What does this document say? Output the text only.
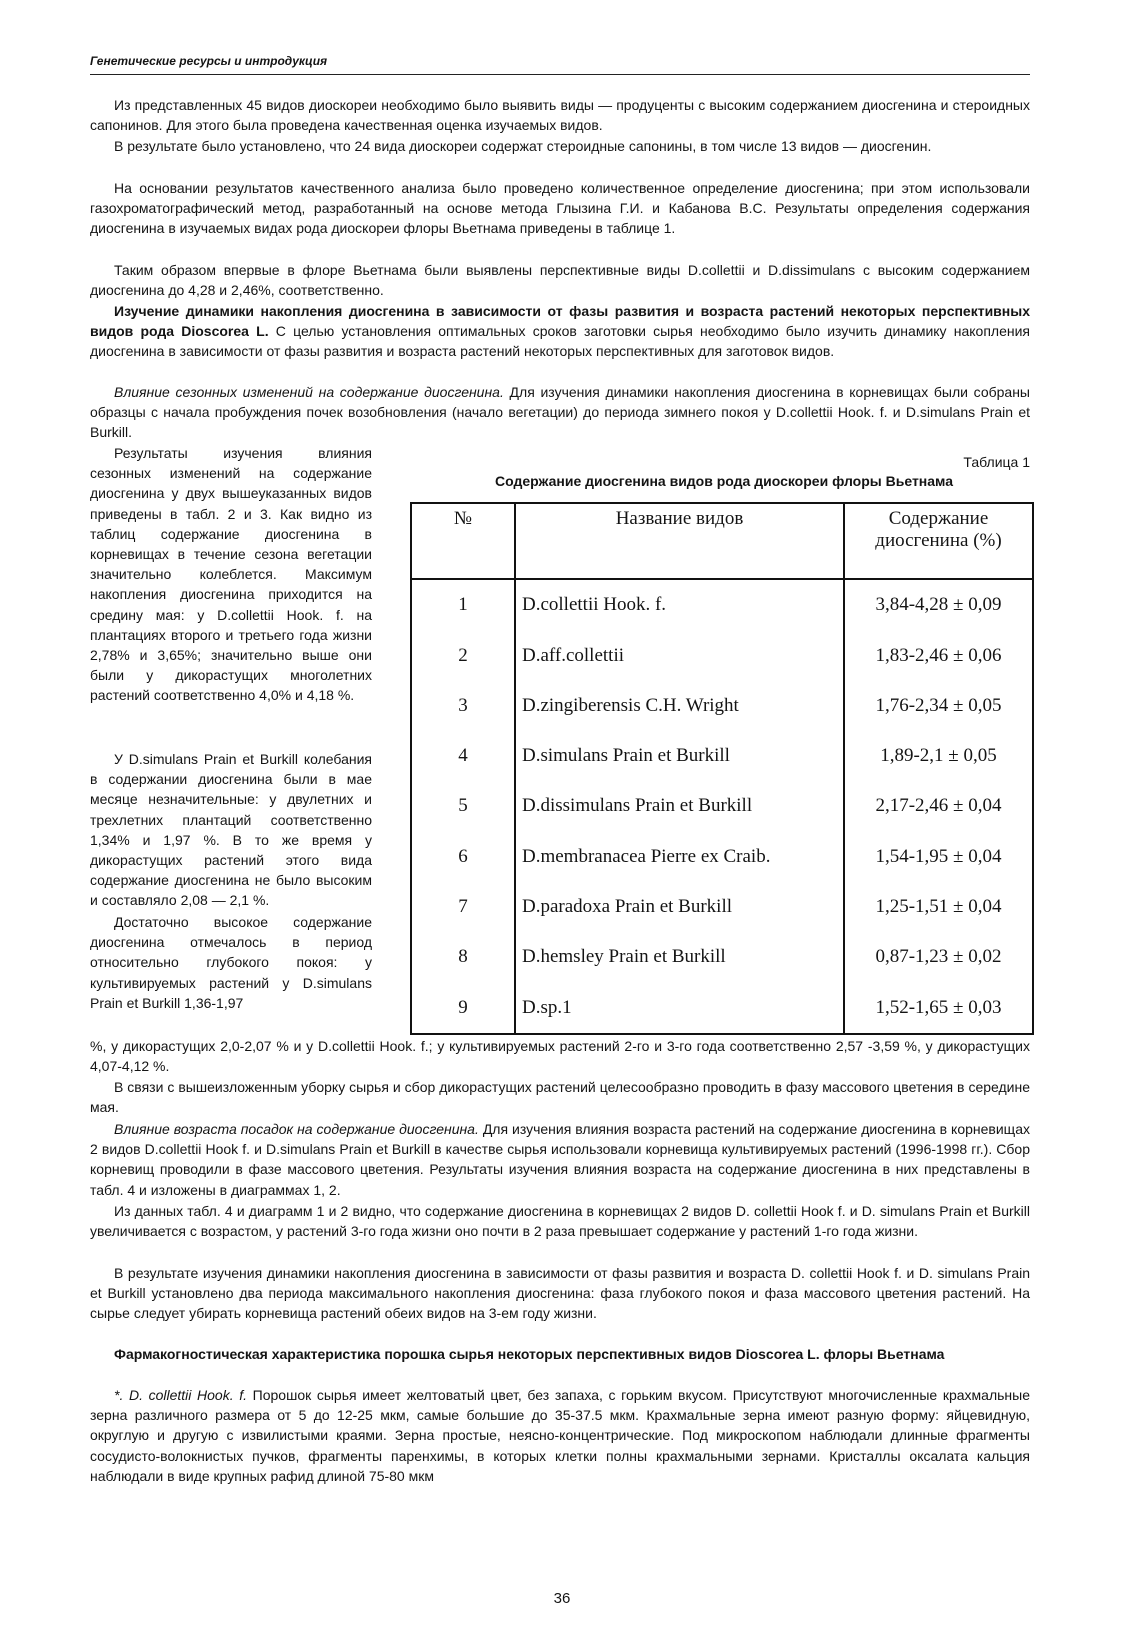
Генетические ресурсы и интродукция

Из представленных 45 видов диоскореи необходимо было выявить виды — продуценты с высоким содержанием диосгенина и стероидных сапонинов. Для этого была проведена качественная оценка изучаемых видов.

В результате было установлено, что 24 вида диоскореи содержат стероидные сапонины, в том числе 13 видов — диосгенин.

На основании результатов качественного анализа было проведено количественное определение диосгенина; при этом использовали газохроматографический метод, разработанный на основе метода Глызина Г.И. и Кабанова В.С. Результаты определения содержания диосгенина в изучаемых видах рода диоскореи флоры Вьетнама приведены в таблице 1.

Таким образом впервые в флоре Вьетнама были выявлены перспективные виды D.collettii и D.dissimulans с высоким содержанием диосгенина до 4,28 и 2,46%, соответственно.

Изучение динамики накопления диосгенина в зависимости от фазы развития и возраста растений некоторых перспективных видов рода Dioscorea L. С целью установления оптимальных сроков заготовки сырья необходимо было изучить динамику накопления диосгенина в зависимости от фазы развития и возраста растений некоторых перспективных для заготовок видов.

Влияние сезонных изменений на содержание диосгенина. Для изучения динамики накопления диосгенина в корневищах были собраны образцы с начала пробуждения почек возобновления (начало вегетации) до периода зимнего покоя у D.collettii Hook. f. и D.simulans Prain et Burkill.

Результаты изучения влияния сезонных изменений на содержание диосгенина у двух вышеуказанных видов приведены в табл. 2 и 3. Как видно из таблиц содержание диосгенина в корневищах в течение сезона вегетации значительно колеблется. Максимум накопления диосгенина приходится на средину мая: у D.collettii Hook. f. на плантациях второго и третьего года жизни 2,78% и 3,65%; значительно выше они были у дикорастущих многолетних растений соответственно 4,0% и 4,18 %.

У D.simulans Prain et Burkill колебания в содержании диосгенина были в мае месяце незначительные: у двулетних и трехлетних плантаций соответственно 1,34% и 1,97 %. В то же время у дикорастущих растений этого вида содержание диосгенина не было высоким и составляло 2,08 — 2,1 %.

Достаточно высокое содержание диосгенина отмечалось в период относительно глубокого покоя: у культивируемых растений у D.simulans Prain et Burkill 1,36-1,97

Таблица 1
Содержание диосгенина видов рода диоскореи флоры Вьетнама
№	Название видов	Содержание диосгенина (%)
1	D.collettii Hook. f.	3,84-4,28 ± 0,09
2	D.aff.collettii	1,83-2,46 ± 0,06
3	D.zingiberensis C.H. Wright	1,76-2,34 ± 0,05
4	D.simulans Prain et Burkill	1,89-2,1 ± 0,05
5	D.dissimulans Prain et Burkill	2,17-2,46 ± 0,04
6	D.membranacea Pierre ex Craib.	1,54-1,95 ± 0,04
7	D.paradoxa Prain et Burkill	1,25-1,51 ± 0,04
8	D.hemsley Prain et Burkill	0,87-1,23 ± 0,02
9	D.sp.1	1,52-1,65 ± 0,03

%, у дикорастущих 2,0-2,07 % и у D.collettii Hook. f.; у культивируемых растений 2-го и 3-го года соответственно 2,57 -3,59 %, у дикорастущих 4,07-4,12 %.

В связи с вышеизложенным уборку сырья и сбор дикорастущих растений целесообразно проводить в фазу массового цветения в середине мая.

Влияние возраста посадок на содержание диосгенина. Для изучения влияния возраста растений на содержание диосгенина в корневищах 2 видов D.collettii Hook f. и D.simulans Prain et Burkill в качестве сырья использовали корневища культивируемых растений (1996-1998 гг.). Сбор корневищ проводили в фазе массового цветения. Результаты изучения влияния возраста на содержание диосгенина в них представлены в табл. 4 и изложены в диаграммах 1, 2.

Из данных табл. 4 и диаграмм 1 и 2 видно, что содержание диосгенина в корневищах 2 видов D. collettii Hook f. и D. simulans Prain et Burkill увеличивается с возрастом, у растений 3-го года жизни оно почти в 2 раза превышает содержание у растений 1-го года жизни.

В результате изучения динамики накопления диосгенина в зависимости от фазы развития и возраста D. collettii Hook f. и D. simulans Prain et Burkill установлено два периода максимального накопления диосгенина: фаза глубокого покоя и фаза массового цветения растений. На сырье следует убирать корневища растений обеих видов на 3-ем году жизни.

Фармакогностическая характеристика порошка сырья некоторых перспективных видов Dioscorea L. флоры Вьетнама

*. D. collettii Hook. f. Порошок сырья имеет желтоватый цвет, без запаха, с горьким вкусом. Присутствуют многочисленные крахмальные зерна различного размера от 5 до 12-25 мкм, самые большие до 35-37.5 мкм. Крахмальные зерна имеют разную форму: яйцевидную, округлую и другую с извилистыми краями. Зерна простые, неясно-концентрические. Под микроскопом наблюдали длинные фрагменты сосудисто-волокнистых пучков, фрагменты паренхимы, в которых клетки полны крахмальными зернами. Кристаллы оксалата кальция наблюдали в виде крупных рафид длиной 75-80 мкм

36
